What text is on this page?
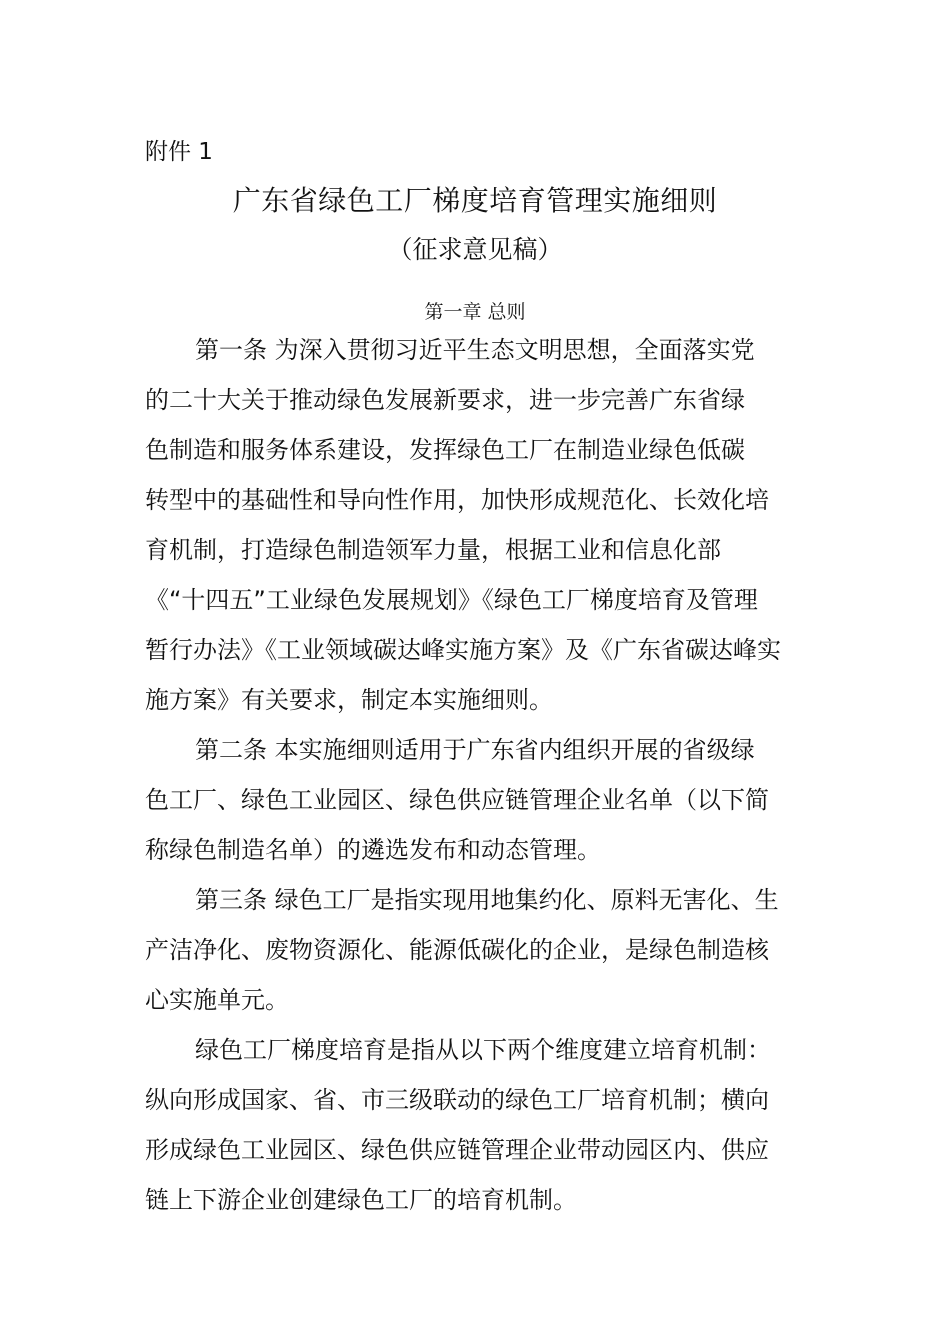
附件 1
广东省绿色工厂梯度培育管理实施细则
（征求意见稿）
第一章 总则
第一条 为深入贯彻习近平生态文明思想，全面落实党
的二十大关于推动绿色发展新要求，进一步完善广东省绿
色制造和服务体系建设，发挥绿色工厂在制造业绿色低碳
转型中的基础性和导向性作用，加快形成规范化、长效化培
育机制，打造绿色制造领军力量，根据工业和信息化部
《“十四五”工业绿色发展规划》《绿色工厂梯度培育及管理
暂行办法》《工业领域碳达峰实施方案》及《广东省碳达峰实
施方案》有关要求，制定本实施细则。
第二条 本实施细则适用于广东省内组织开展的省级绿
色工厂、绿色工业园区、绿色供应链管理企业名单（以下简
称绿色制造名单）的遴选发布和动态管理。
第三条 绿色工厂是指实现用地集约化、原料无害化、生
产洁净化、废物资源化、能源低碳化的企业，是绿色制造核
心实施单元。
绿色工厂梯度培育是指从以下两个维度建立培育机制：
纵向形成国家、省、市三级联动的绿色工厂培育机制；横向
形成绿色工业园区、绿色供应链管理企业带动园区内、供应
链上下游企业创建绿色工厂的培育机制。
